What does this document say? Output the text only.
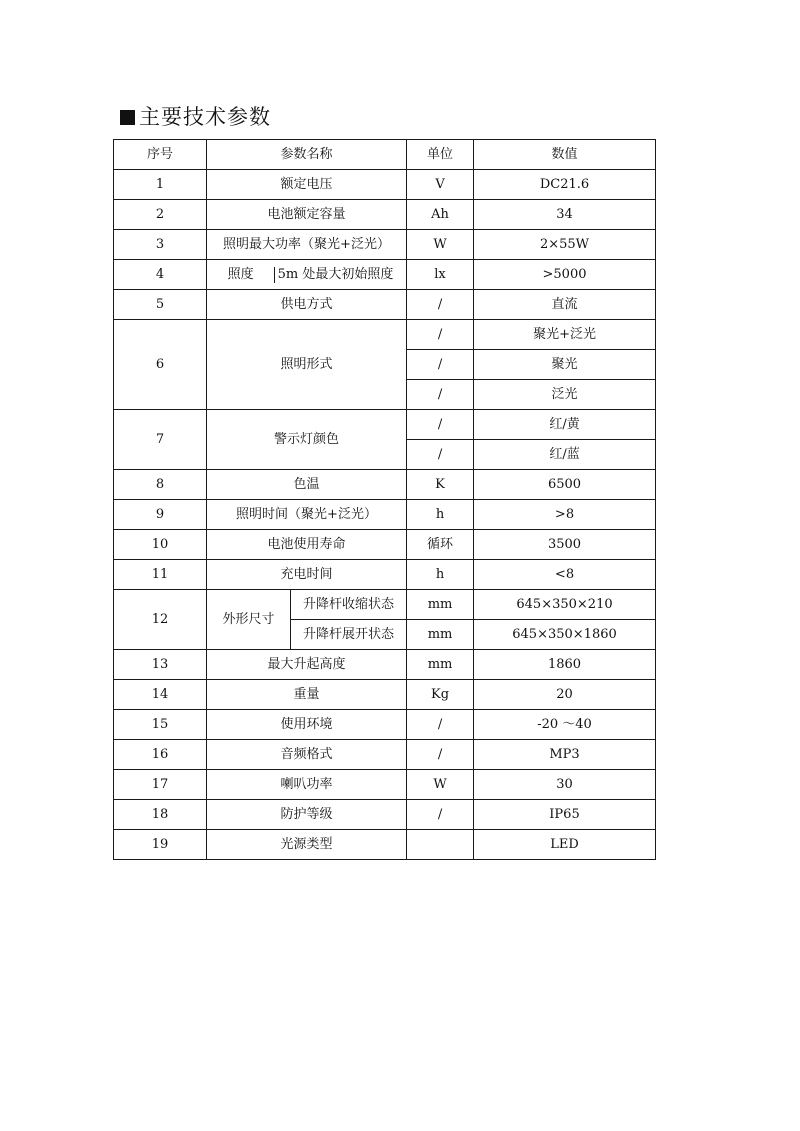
主要技术参数
序号	参数名称		单位	数值
1	额定电压		V	DC21.6
2	电池额定容量		Ah	34
3	照明最大功率（聚光+泛光）		W	2×55W
4	照度 5m 处最大初始照度		lx	>5000
5	供电方式		/	直流
6	照明形式		/	聚光+泛光
			/	聚光
			/	泛光
7	警示灯颜色		/	红/黄
			/	红/蓝
8	色温		K	6500
9	照明时间（聚光+泛光）		h	>8
10	电池使用寿命		循环	3500
11	充电时间		h	<8
12	外形尺寸	升降杆收缩状态	mm	645×350×210
		升降杆展开状态	mm	645×350×1860
13	最大升起高度		mm	1860
14	重量		Kg	20
15	使用环境		/	-20 ～40
16	音频格式		/	MP3
17	喇叭功率		W	30
18	防护等级		/	IP65
19	光源类型			LED
